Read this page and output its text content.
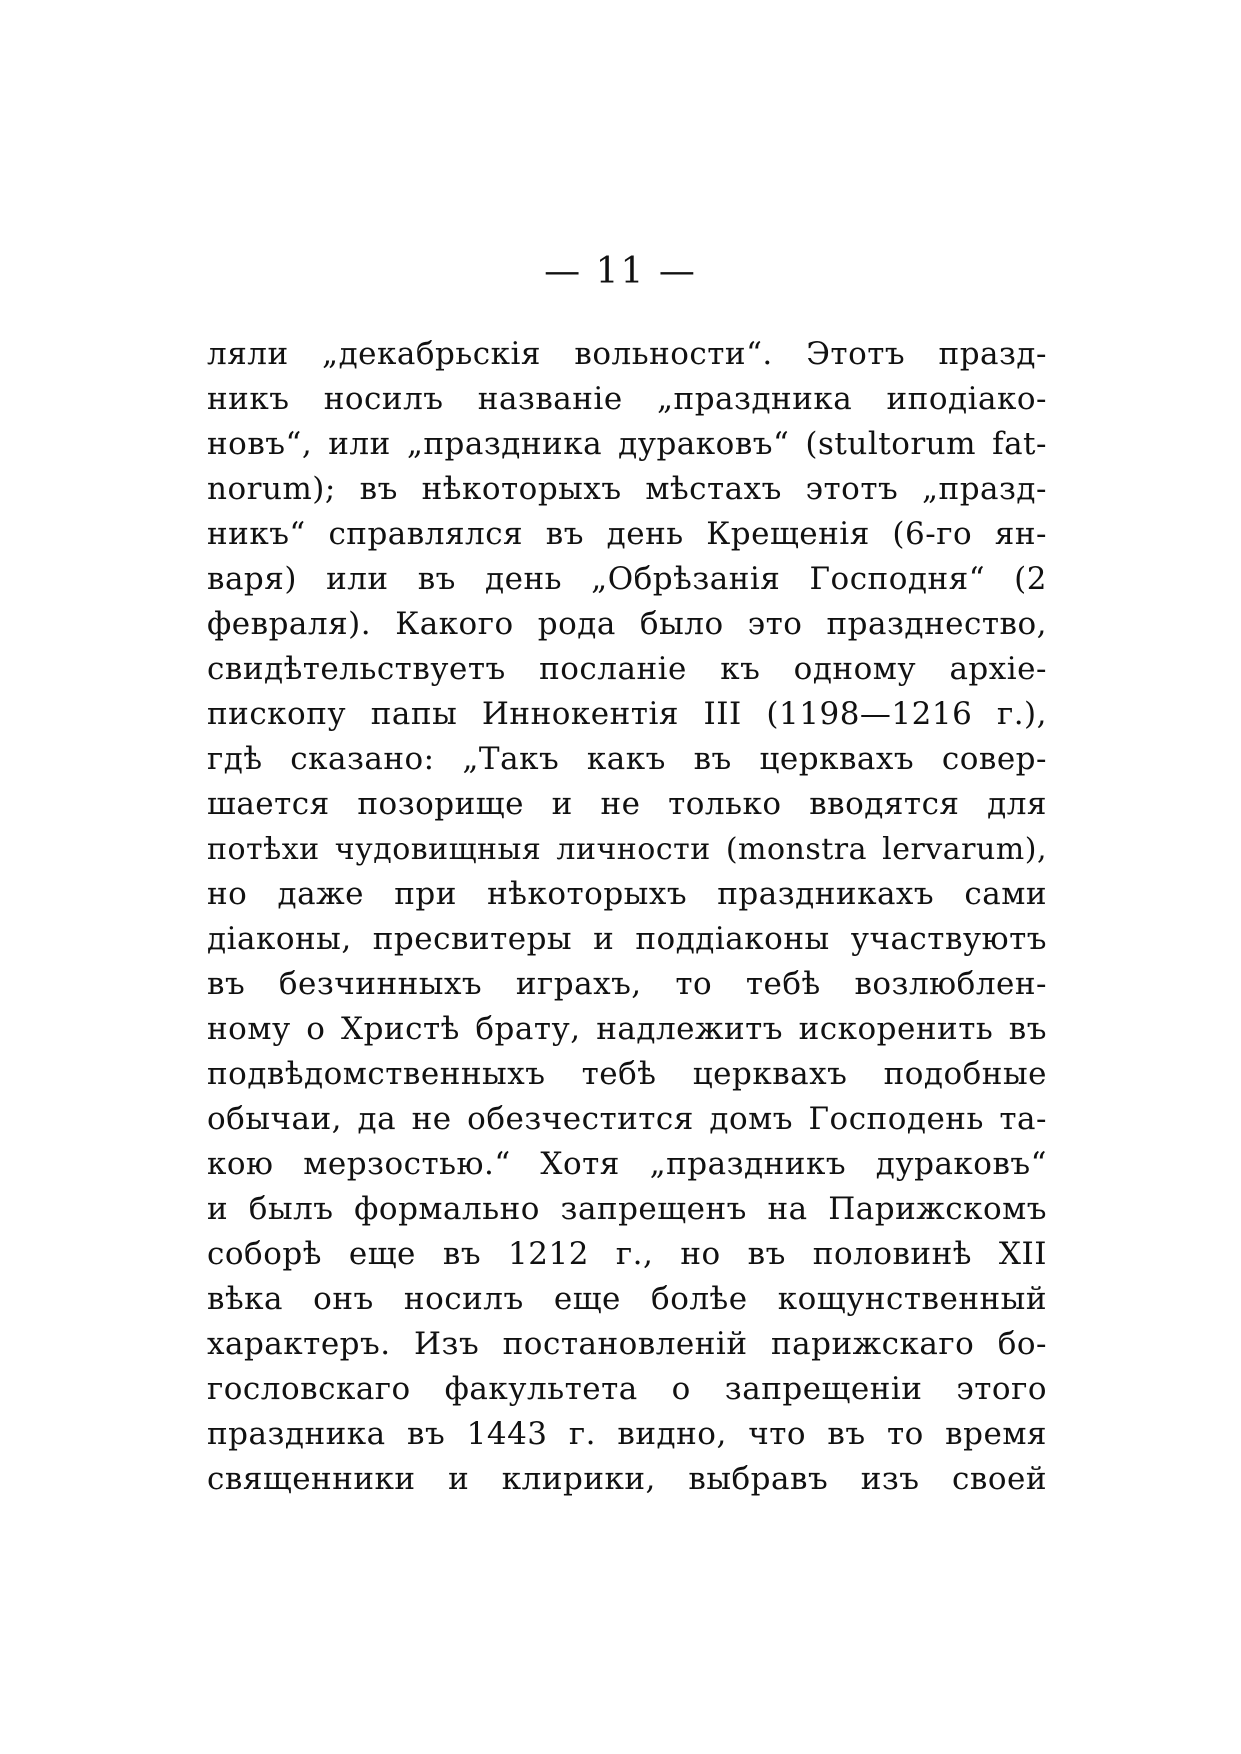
— 11 —
ляли „декабрьскія вольности“. Этотъ празд-
никъ носилъ названіе „праздника иподіако-
новъ“, или „праздника дураковъ“ (stultorum fat-
norum); въ нѣкоторыхъ мѣстахъ этотъ „празд-
никъ“ справлялся въ день Крещенія (6-го ян-
варя) или въ день „Обрѣзанія Господня“ (2
февраля). Какого рода было это празднество,
свидѣтельствуетъ посланіе къ одному архіе-
пископу папы Иннокентія III (1198—1216 г.),
гдѣ сказано: „Такъ какъ въ церквахъ совер-
шается позорище и не только вводятся для
потѣхи чудовищныя личности (monstra lervarum),
но даже при нѣкоторыхъ праздникахъ сами
діаконы, пресвитеры и поддіаконы участвуютъ
въ безчинныхъ играхъ, то тебѣ возлюблен-
ному о Христѣ брату, надлежитъ искоренить въ
подвѣдомственныхъ тебѣ церквахъ подобные
обычаи, да не обезчестится домъ Господень та-
кою мерзостью.“ Хотя „праздникъ дураковъ“
и былъ формально запрещенъ на Парижскомъ
соборѣ еще въ 1212 г., но въ половинѣ XII
вѣка онъ носилъ еще болѣе кощунственный
характеръ. Изъ постановленій парижскаго бо-
гословскаго факультета о запрещеніи этого
праздника въ 1443 г. видно, что въ то время
священники и клирики, выбравъ изъ своей
